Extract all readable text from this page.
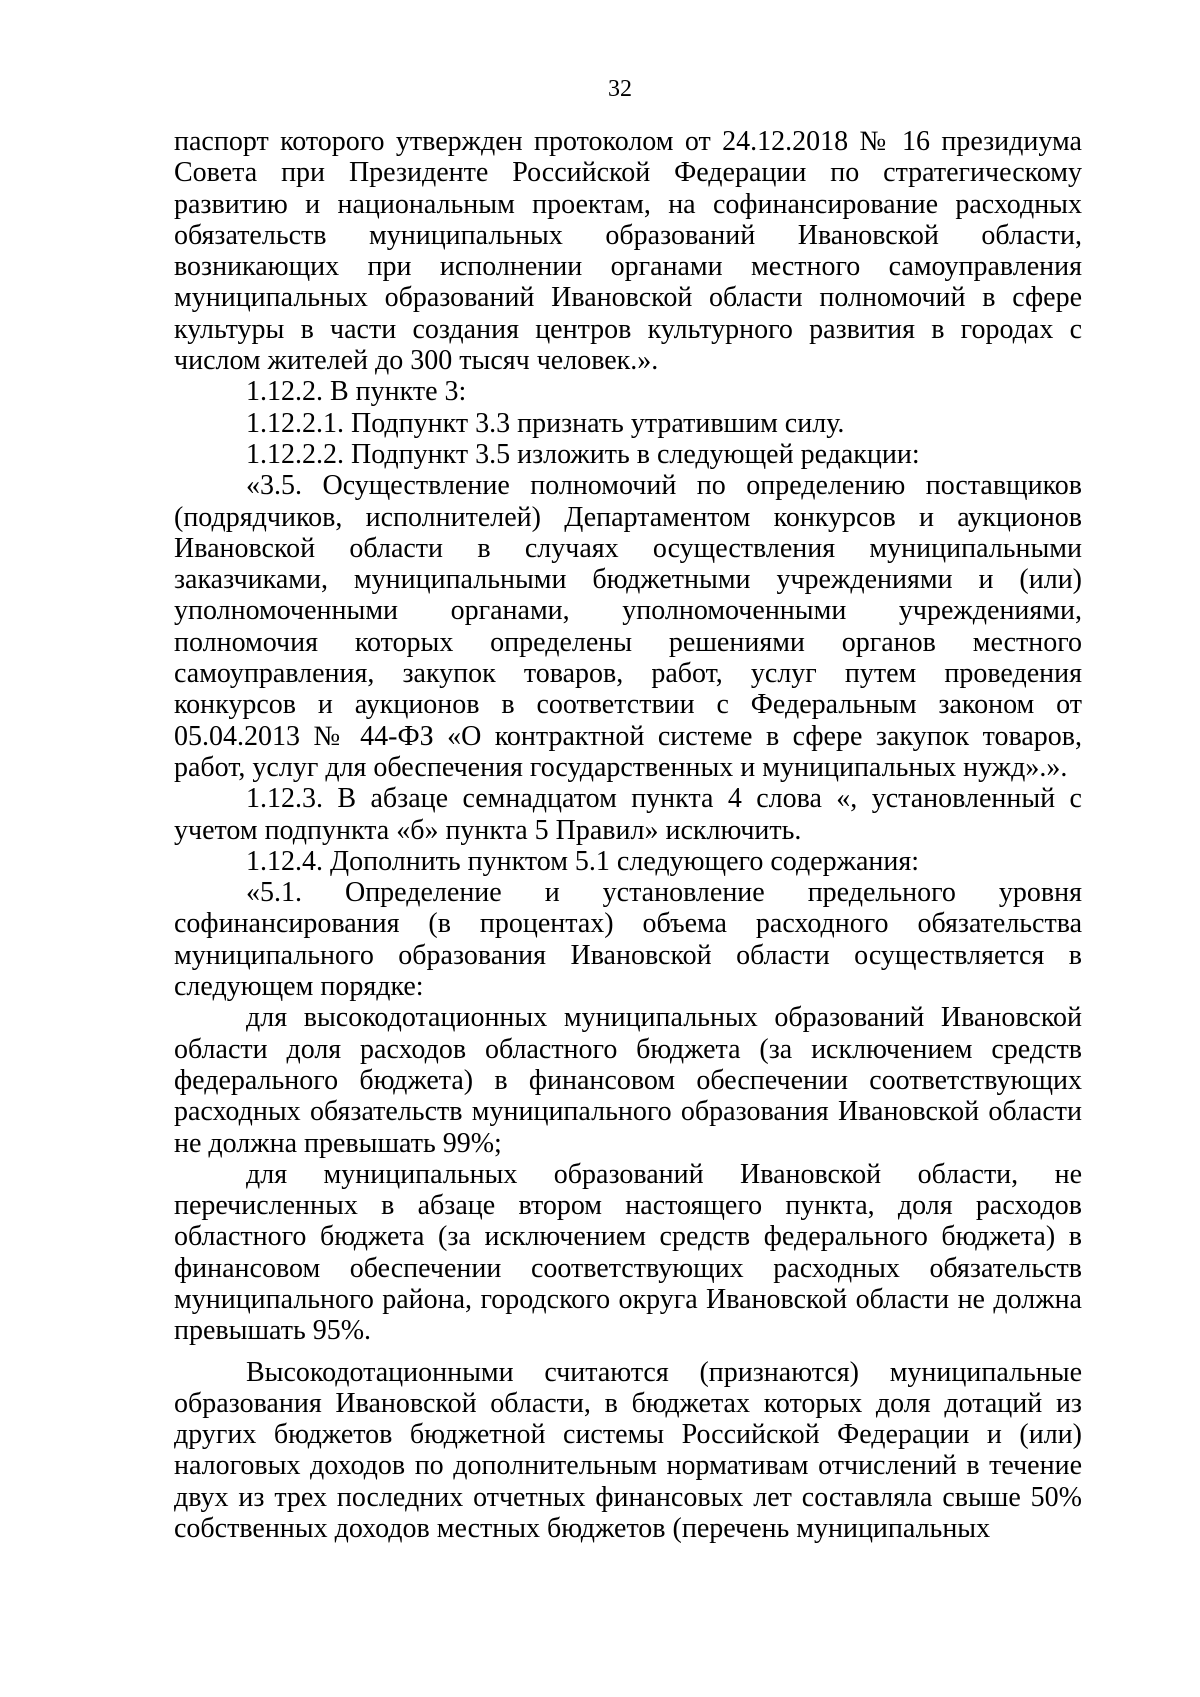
32

паспорт которого утвержден протоколом от 24.12.2018 № 16 президиума Совета при Президенте Российской Федерации по стратегическому развитию и национальным проектам, на софинансирование расходных обязательств муниципальных образований Ивановской области, возникающих при исполнении органами местного самоуправления муниципальных образований Ивановской области полномочий в сфере культуры в части создания центров культурного развития в городах с числом жителей до 300 тысяч человек.».

1.12.2. В пункте 3:

1.12.2.1. Подпункт 3.3 признать утратившим силу.

1.12.2.2. Подпункт 3.5 изложить в следующей редакции:

«3.5. Осуществление полномочий по определению поставщиков (подрядчиков, исполнителей) Департаментом конкурсов и аукционов Ивановской области в случаях осуществления муниципальными заказчиками, муниципальными бюджетными учреждениями и (или) уполномоченными органами, уполномоченными учреждениями, полномочия которых определены решениями органов местного самоуправления, закупок товаров, работ, услуг путем проведения конкурсов и аукционов в соответствии с Федеральным законом от 05.04.2013 № 44-ФЗ «О контрактной системе в сфере закупок товаров, работ, услуг для обеспечения государственных и муниципальных нужд».».

1.12.3. В абзаце семнадцатом пункта 4 слова «, установленный с учетом подпункта «б» пункта 5 Правил» исключить.

1.12.4. Дополнить пунктом 5.1 следующего содержания:

«5.1. Определение и установление предельного уровня софинансирования (в процентах) объема расходного обязательства муниципального образования Ивановской области осуществляется в следующем порядке:

для высокодотационных муниципальных образований Ивановской области доля расходов областного бюджета (за исключением средств федерального бюджета) в финансовом обеспечении соответствующих расходных обязательств муниципального образования Ивановской области не должна превышать 99%;

для муниципальных образований Ивановской области, не перечисленных в абзаце втором настоящего пункта, доля расходов областного бюджета (за исключением средств федерального бюджета) в финансовом обеспечении соответствующих расходных обязательств муниципального района, городского округа Ивановской области не должна превышать 95%.

Высокодотационными считаются (признаются) муниципальные образования Ивановской области, в бюджетах которых доля дотаций из других бюджетов бюджетной системы Российской Федерации и (или) налоговых доходов по дополнительным нормативам отчислений в течение двух из трех последних отчетных финансовых лет составляла свыше 50% собственных доходов местных бюджетов (перечень муниципальных
